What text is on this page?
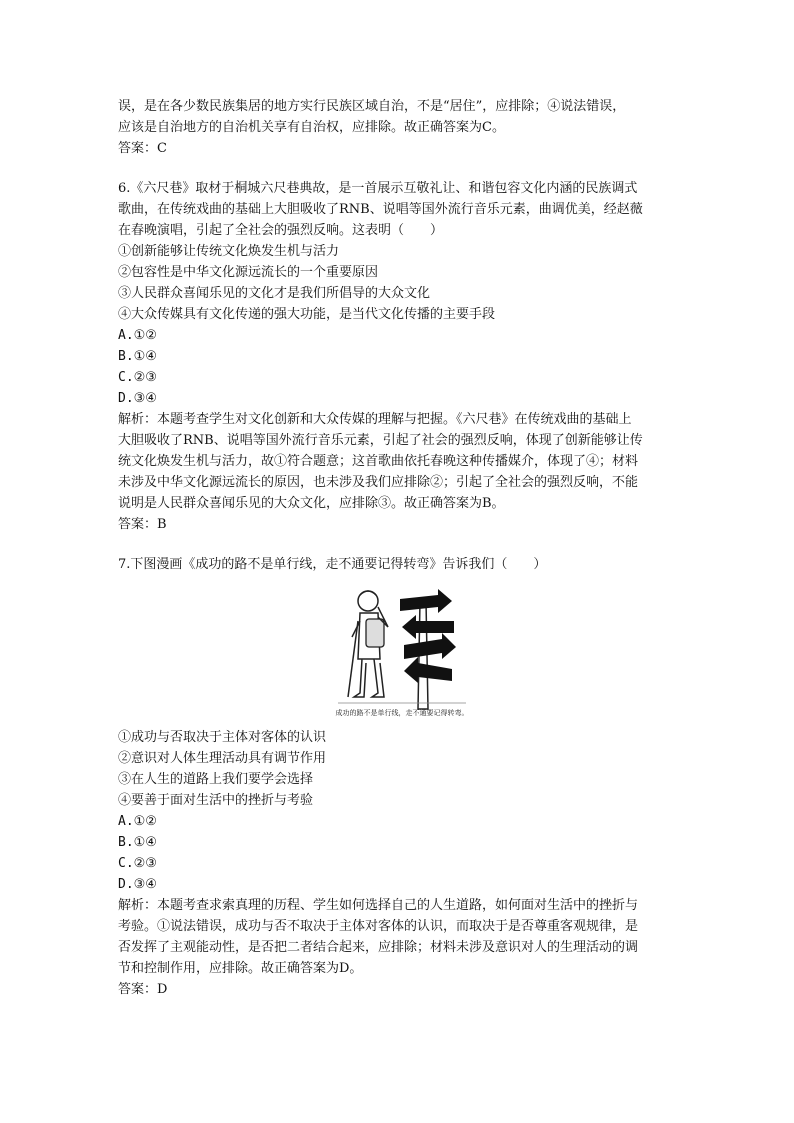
误，是在各少数民族集居的地方实行民族区域自治，不是“居住”，应排除；④说法错误，
应该是自治地方的自治机关享有自治权，应排除。故正确答案为C。
答案：C
6.《六尺巷》取材于桐城六尺巷典故，是一首展示互敬礼让、和谐包容文化内涵的民族调式
歌曲，在传统戏曲的基础上大胆吸收了RNB、说唱等国外流行音乐元素，曲调优美，经赵薇
在春晚演唱，引起了全社会的强烈反响。这表明（　　）
①创新能够让传统文化焕发生机与活力
②包容性是中华文化源远流长的一个重要原因
③人民群众喜闻乐见的文化才是我们所倡导的大众文化
④大众传媒具有文化传递的强大功能，是当代文化传播的主要手段
A.①②
B.①④
C.②③
D.③④
解析：本题考查学生对文化创新和大众传媒的理解与把握。《六尺巷》在传统戏曲的基础上
大胆吸收了RNB、说唱等国外流行音乐元素，引起了社会的强烈反响，体现了创新能够让传
统文化焕发生机与活力，故①符合题意；这首歌曲依托春晚这种传播媒介，体现了④；材料
未涉及中华文化源远流长的原因，也未涉及我们应排除②；引起了全社会的强烈反响，不能
说明是人民群众喜闻乐见的大众文化，应排除③。故正确答案为B。
答案：B
7.下图漫画《成功的路不是单行线，走不通要记得转弯》告诉我们（　　）
成功的路不是单行线，走不通要记得转弯。
①成功与否取决于主体对客体的认识
②意识对人体生理活动具有调节作用
③在人生的道路上我们要学会选择
④要善于面对生活中的挫折与考验
A.①②
B.①④
C.②③
D.③④
解析：本题考查求索真理的历程、学生如何选择自己的人生道路，如何面对生活中的挫折与
考验。①说法错误，成功与否不取决于主体对客体的认识，而取决于是否尊重客观规律，是
否发挥了主观能动性，是否把二者结合起来，应排除；材料未涉及意识对人的生理活动的调
节和控制作用，应排除。故正确答案为D。
答案：D
